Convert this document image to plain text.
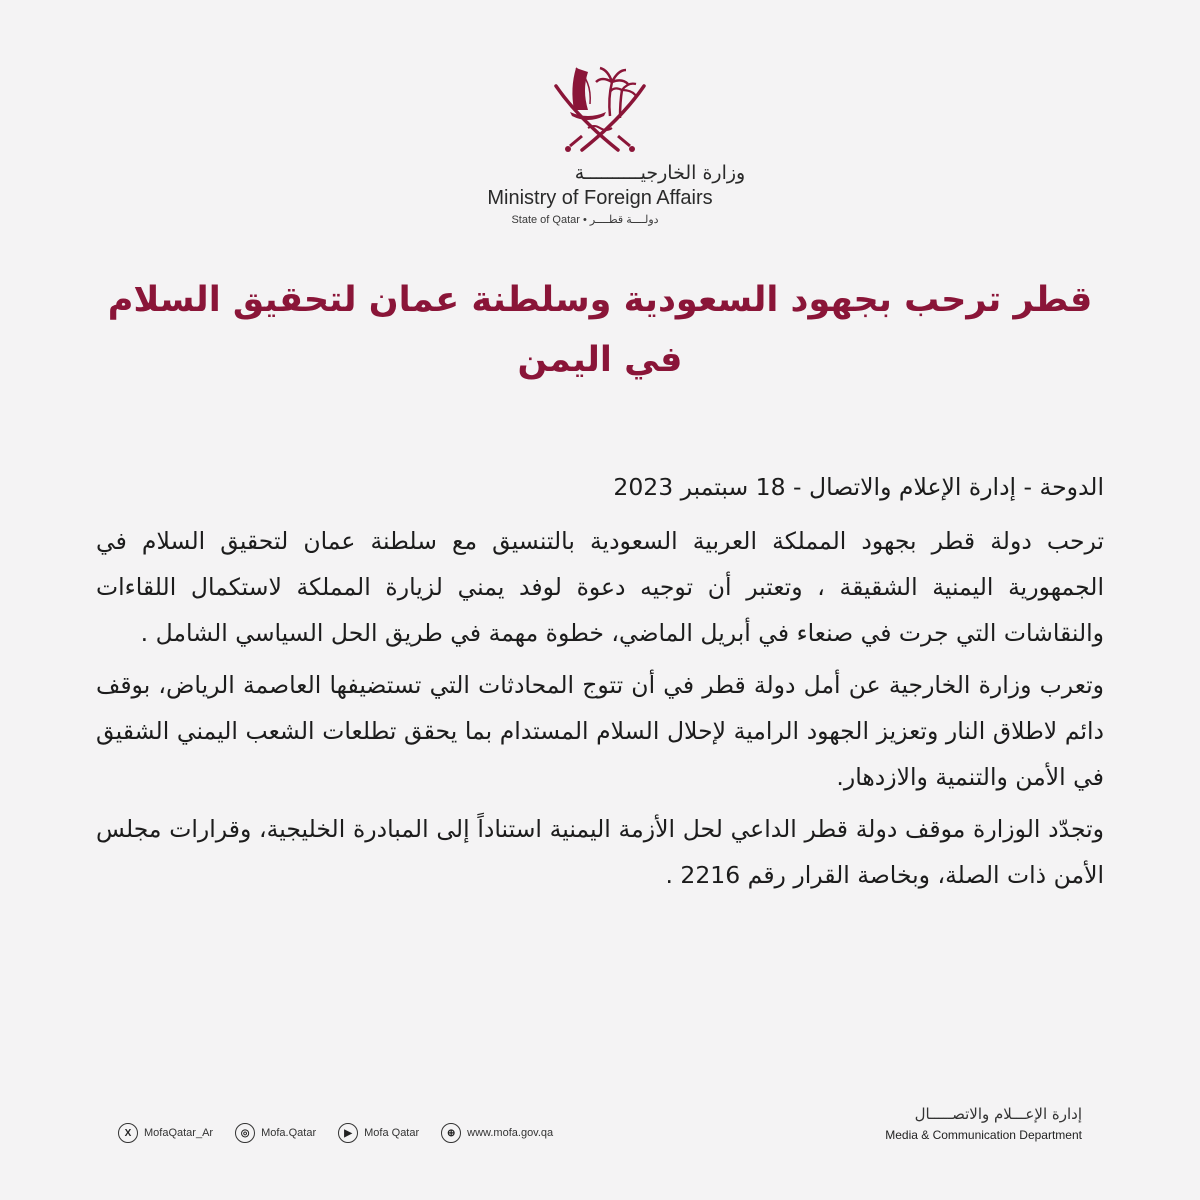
وزارة الخارجيــــــــــة
Ministry of Foreign Affairs
State of Qatar • دولــــة قطــــر
قطر ترحب بجهود السعودية وسلطنة عمان لتحقيق السلام
في اليمن

الدوحة - إدارة الإعلام والاتصال - 18 سبتمبر 2023

ترحب دولة قطر بجهود المملكة العربية السعودية بالتنسيق مع سلطنة عمان لتحقيق السلام في الجمهورية اليمنية الشقيقة ، وتعتبر أن توجيه دعوة لوفد يمني لزيارة المملكة لاستكمال اللقاءات والنقاشات التي جرت في صنعاء في أبريل الماضي، خطوة مهمة في طريق الحل السياسي الشامل .

وتعرب وزارة الخارجية عن أمل دولة قطر في أن تتوج المحادثات التي تستضيفها العاصمة الرياض، بوقف دائم لاطلاق النار وتعزيز الجهود الرامية لإحلال السلام المستدام بما يحقق تطلعات الشعب اليمني الشقيق في الأمن والتنمية والازدهار.

وتجدّد الوزارة موقف دولة قطر الداعي لحل الأزمة اليمنية استناداً إلى المبادرة الخليجية، وقرارات مجلس الأمن ذات الصلة، وبخاصة القرار رقم 2216 .

X	MofaQatar_Ar	◎	Mofa.Qatar	▶	Mofa Qatar	⊕	www.mofa.gov.qa
إدارة الإعـــلام والاتصـــــال
Media & Communication Department
